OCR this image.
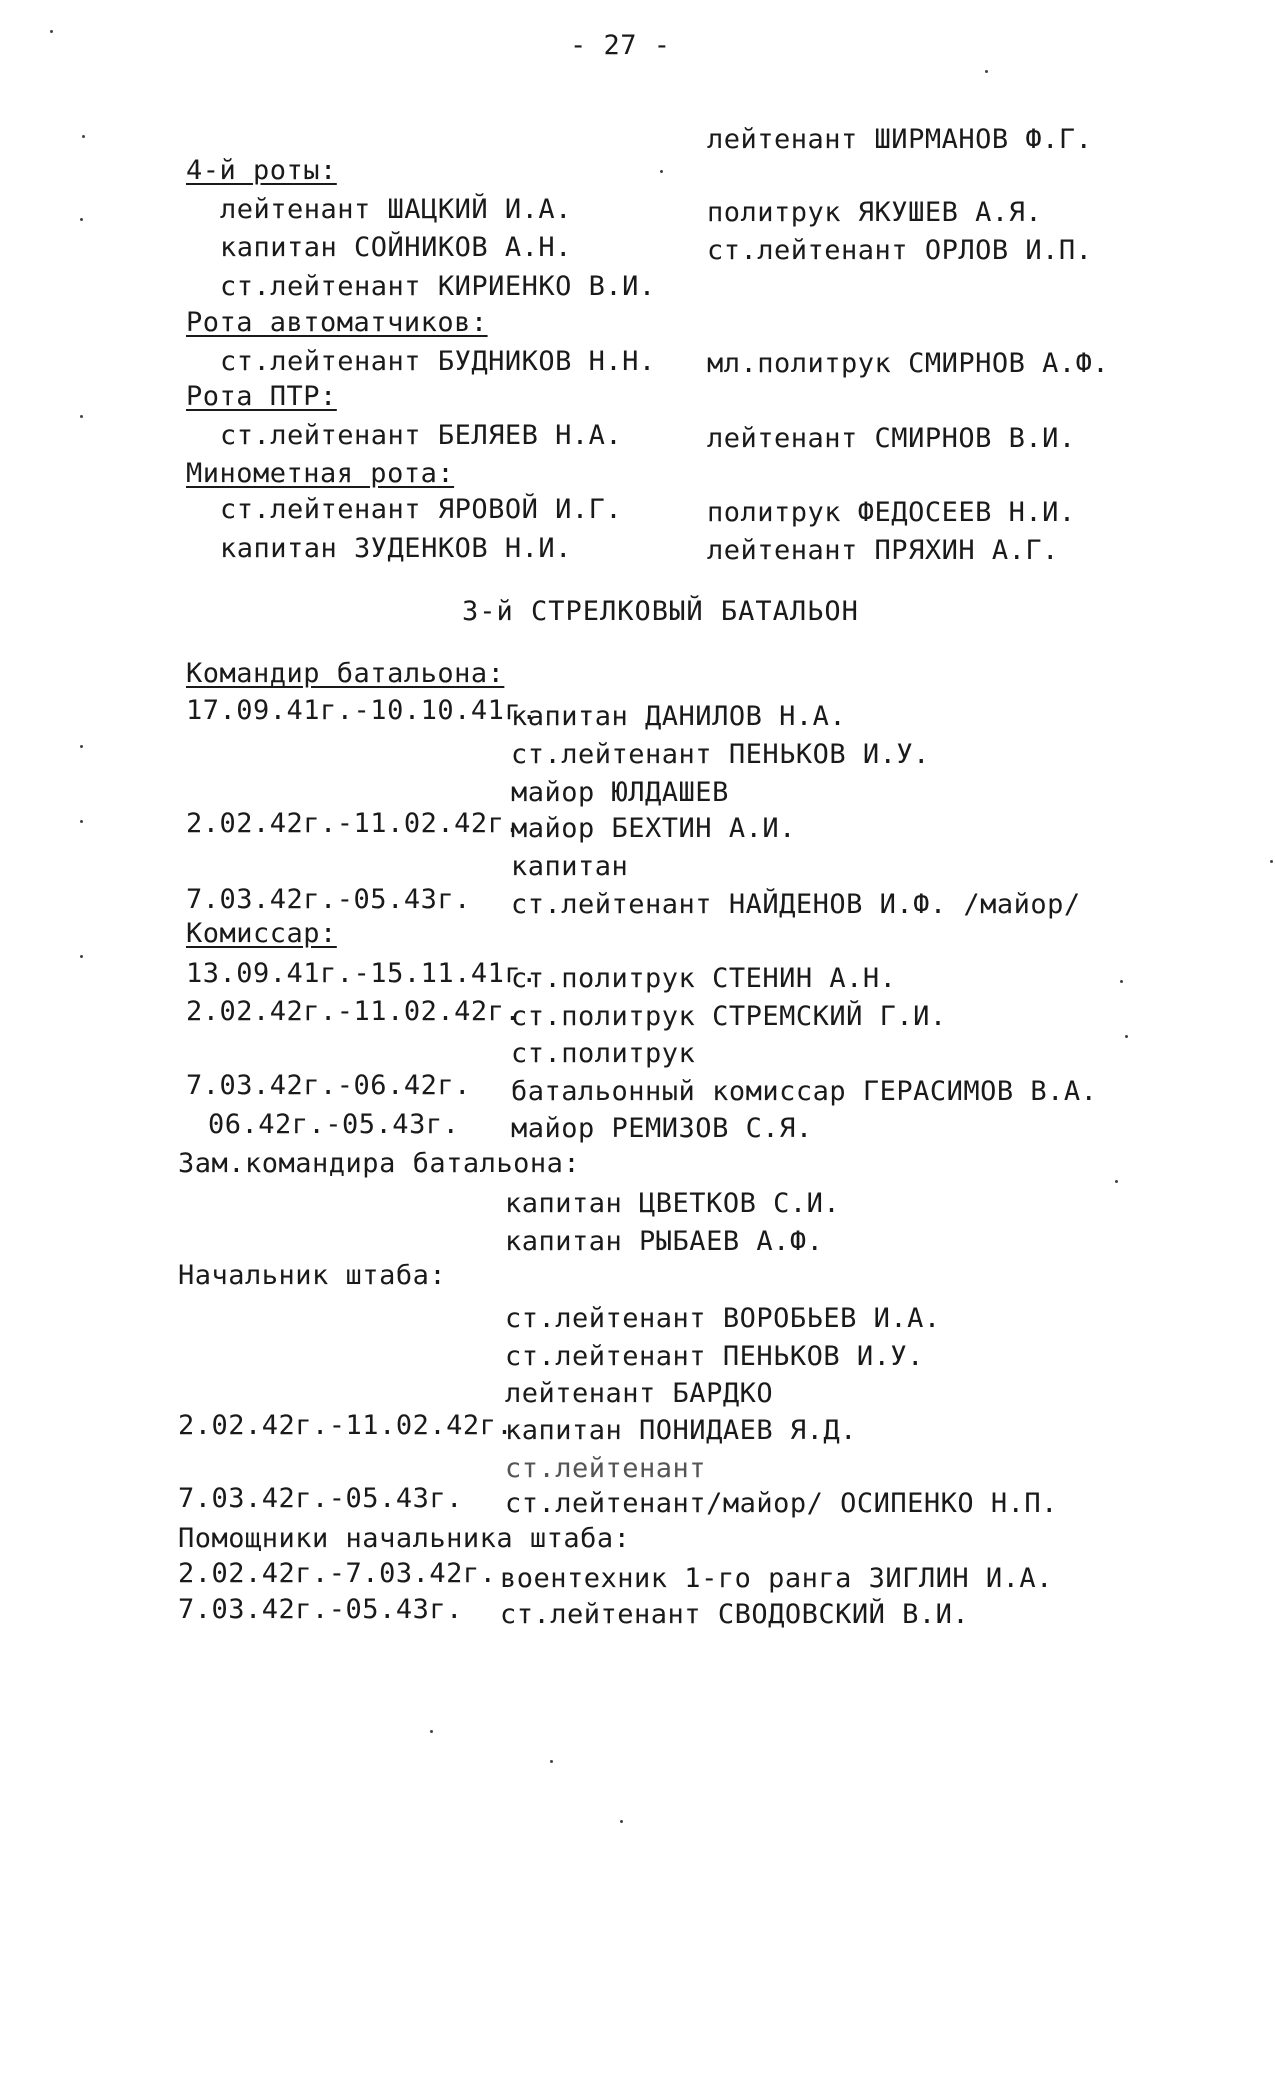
- 27 -
лейтенант ШИРМАНОВ Ф.Г.
4-й роты:
лейтенант ШАЦКИЙ И.А.
капитан СОЙНИКОВ А.Н.
ст.лейтенант КИРИЕНКО В.И.
политрук ЯКУШЕВ А.Я.
ст.лейтенант ОРЛОВ И.П.
Рота автоматчиков:
ст.лейтенант БУДНИКОВ Н.Н. мл.политрук СМИРНОВ А.Ф.
Рота ПТР:
ст.лейтенант БЕЛЯЕВ Н.А.	лейтенант СМИРНОВ В.И.
Минометная рота:
ст.лейтенант ЯРОВОЙ И.Г.
капитан ЗУДЕНКОВ Н.И.
политрук ФЕДОСЕЕВ Н.И.
лейтенант ПРЯХИН А.Г.
3-й СТРЕЛКОВЫЙ БАТАЛЬОН
Командир батальона:
17.09.41г.-10.10.41г.
капитан ДАНИЛОВ Н.А.
ст.лейтенант ПЕНЬКОВ И.У.
майор ЮЛДАШЕВ
2.02.42г.-11.02.42г.
майор БЕХТИН А.И.
капитан
7.03.42г.-05.43г. ст.лейтенант НАЙДЕНОВ И.Ф. /майор/
Комиссар:
13.09.41г.-15.11.41г.
ст.политрук СТЕНИН А.Н.
2.02.42г.-11.02.42г.
ст.политрук СТРЕМСКИЙ Г.И.
ст.политрук
7.03.42г.-06.42г. батальонный комиссар ГЕРАСИМОВ В.А.
06.42г.-05.43г. майор РЕМИЗОВ С.Я.
Зам.командира батальона:
капитан ЦВЕТКОВ С.И.
капитан РЫБАЕВ А.Ф.
Начальник штаба:
ст.лейтенант ВОРОБЬЕВ И.А.
ст.лейтенант ПЕНЬКОВ И.У.
лейтенант БАРДКО
2.02.42г.-11.02.42г.
капитан ПОНИДАЕВ Я.Д.
ст.лейтенант
7.03.42г.-05.43г. ст.лейтенант/майор/ ОСИПЕНКО Н.П.
Помощники начальника штаба:
2.02.42г.-7.03.42г. воентехник 1-го ранга ЗИГЛИН И.А.
7.03.42г.-05.43г. ст.лейтенант СВОДОВСКИЙ В.И.
